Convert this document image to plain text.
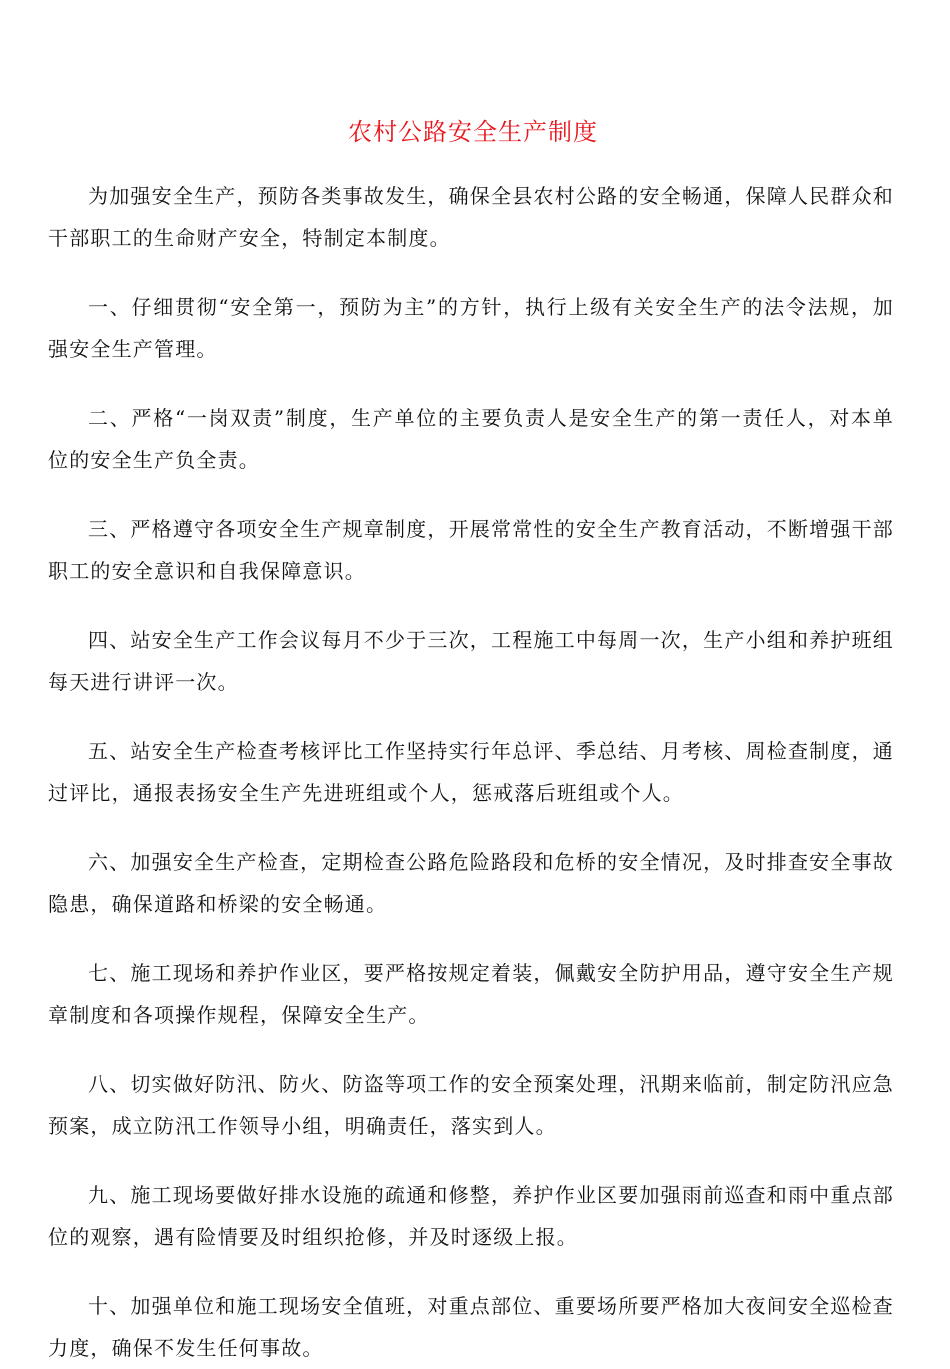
农村公路安全生产制度

为加强安全生产，预防各类事故发生，确保全县农村公路的安全畅通，保障人民群众和干部职工的生命财产安全，特制定本制度。

一、仔细贯彻“安全第一，预防为主”的方针，执行上级有关安全生产的法令法规，加强安全生产管理。

二、严格“一岗双责”制度，生产单位的主要负责人是安全生产的第一责任人，对本单位的安全生产负全责。

三、严格遵守各项安全生产规章制度，开展常常性的安全生产教育活动，不断增强干部职工的安全意识和自我保障意识。

四、站安全生产工作会议每月不少于三次，工程施工中每周一次，生产小组和养护班组每天进行讲评一次。

五、站安全生产检查考核评比工作坚持实行年总评、季总结、月考核、周检查制度，通过评比，通报表扬安全生产先进班组或个人，惩戒落后班组或个人。

六、加强安全生产检查，定期检查公路危险路段和危桥的安全情况，及时排查安全事故隐患，确保道路和桥梁的安全畅通。

七、施工现场和养护作业区，要严格按规定着装，佩戴安全防护用品，遵守安全生产规章制度和各项操作规程，保障安全生产。

八、切实做好防汛、防火、防盗等项工作的安全预案处理，汛期来临前，制定防汛应急预案，成立防汛工作领导小组，明确责任，落实到人。

九、施工现场要做好排水设施的疏通和修整，养护作业区要加强雨前巡查和雨中重点部位的观察，遇有险情要及时组织抢修，并及时逐级上报。

十、加强单位和施工现场安全值班，对重点部位、重要场所要严格加大夜间安全巡检查力度，确保不发生任何事故。
